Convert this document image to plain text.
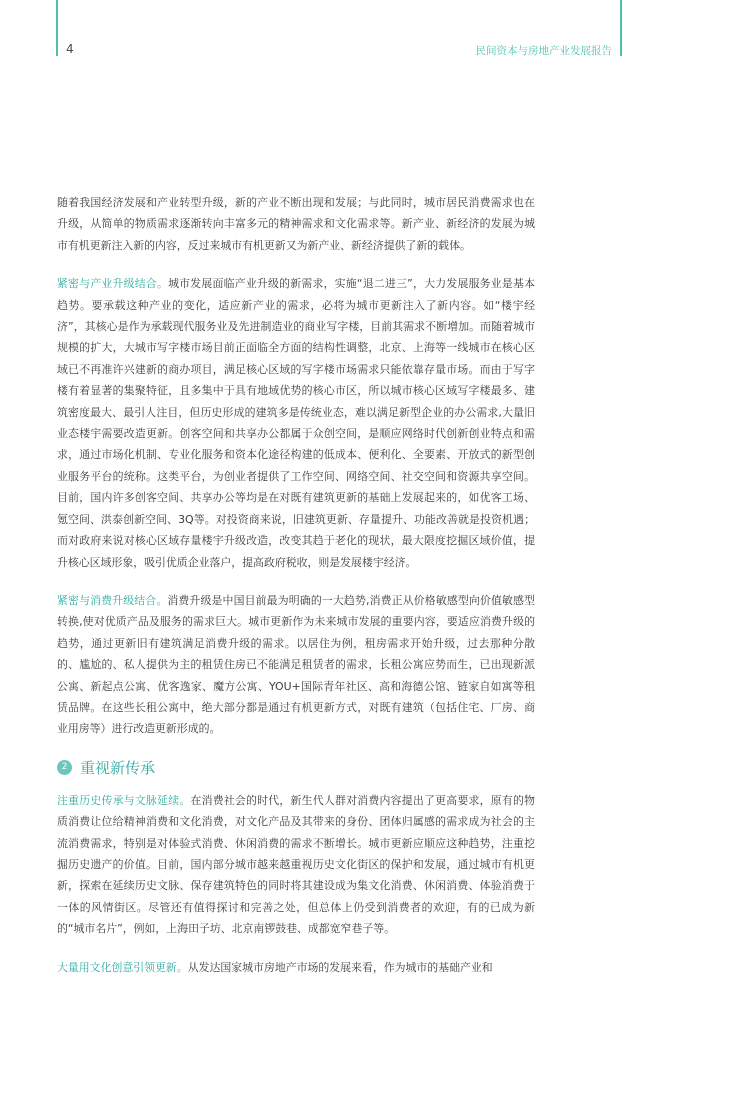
4	民间资本与房地产业发展报告

随着我国经济发展和产业转型升级，新的产业不断出现和发展；与此同时，城市居民消费需求也在升级，从简单的物质需求逐渐转向丰富多元的精神需求和文化需求等。新产业、新经济的发展为城市有机更新注入新的内容，反过来城市有机更新又为新产业、新经济提供了新的载体。

紧密与产业升级结合。城市发展面临产业升级的新需求，实施“退二进三”，大力发展服务业是基本趋势。要承载这种产业的变化，适应新产业的需求，必将为城市更新注入了新内容。如“楼宇经济”，其核心是作为承载现代服务业及先进制造业的商业写字楼，目前其需求不断增加。而随着城市规模的扩大，大城市写字楼市场目前正面临全方面的结构性调整，北京、上海等一线城市在核心区域已不再准许兴建新的商办项目，满足核心区域的写字楼市场需求只能依靠存量市场。而由于写字楼有着显著的集聚特征，且多集中于具有地域优势的核心市区，所以城市核心区域写字楼最多、建筑密度最大、最引人注目，但历史形成的建筑多是传统业态，难以满足新型企业的办公需求,大量旧业态楼宇需要改造更新。创客空间和共享办公都属于众创空间，是顺应网络时代创新创业特点和需求，通过市场化机制、专业化服务和资本化途径构建的低成本、便利化、全要素、开放式的新型创业服务平台的统称。这类平台，为创业者提供了工作空间、网络空间、社交空间和资源共享空间。目前，国内许多创客空间、共享办公等均是在对既有建筑更新的基础上发展起来的，如优客工场、氪空间、洪泰创新空间、3Q等。对投资商来说，旧建筑更新、存量提升、功能改善就是投资机遇；而对政府来说对核心区域存量楼宇升级改造，改变其趋于老化的现状，最大限度挖掘区域价值，提升核心区域形象，吸引优质企业落户，提高政府税收，则是发展楼宇经济。

紧密与消费升级结合。消费升级是中国目前最为明确的一大趋势,消费正从价格敏感型向价值敏感型转换,使对优质产品及服务的需求巨大。城市更新作为未来城市发展的重要内容，要适应消费升级的趋势，通过更新旧有建筑满足消费升级的需求。以居住为例，租房需求开始升级，过去那种分散的、尴尬的、私人提供为主的租赁住房已不能满足租赁者的需求，长租公寓应势而生，已出现新派公寓、新起点公寓、优客逸家、魔方公寓、YOU+国际青年社区、高和海德公馆、链家自如寓等租赁品牌。在这些长租公寓中，绝大部分都是通过有机更新方式，对既有建筑（包括住宅、厂房、商业用房等）进行改造更新形成的。

2 重视新传承

注重历史传承与文脉延续。在消费社会的时代，新生代人群对消费内容提出了更高要求，原有的物质消费让位给精神消费和文化消费，对文化产品及其带来的身份、团体归属感的需求成为社会的主流消费需求，特别是对体验式消费、休闲消费的需求不断增长。城市更新应顺应这种趋势，注重挖掘历史遗产的价值。目前，国内部分城市越来越重视历史文化街区的保护和发展，通过城市有机更新，探索在延续历史文脉、保存建筑特色的同时将其建设成为集文化消费、休闲消费、体验消费于一体的风情街区。尽管还有值得探讨和完善之处，但总体上仍受到消费者的欢迎，有的已成为新的“城市名片”，例如，上海田子坊、北京南锣鼓巷、成都宽窄巷子等。

大量用文化创意引领更新。从发达国家城市房地产市场的发展来看，作为城市的基础产业和
